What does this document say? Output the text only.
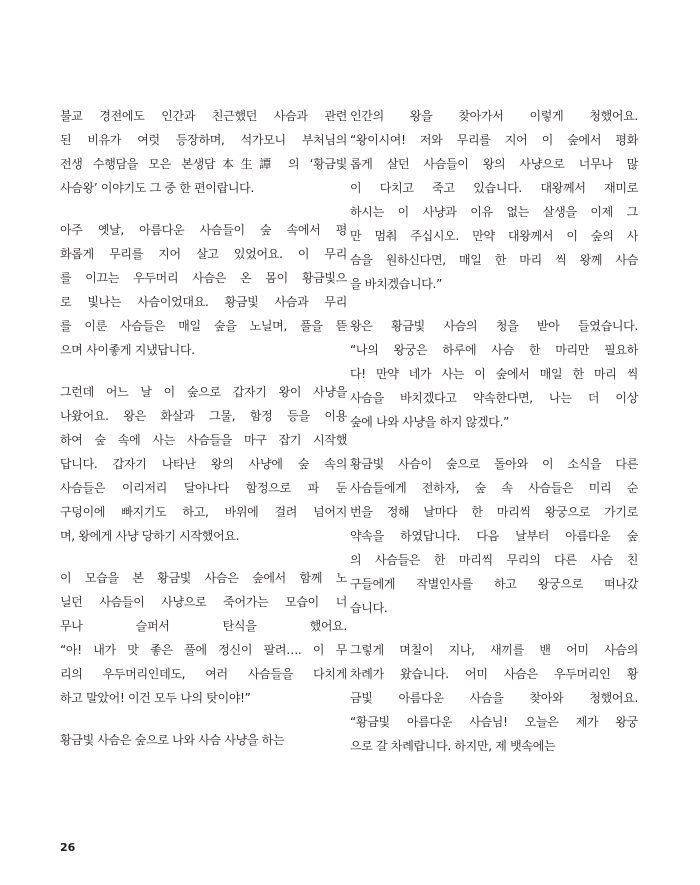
불교 경전에도 인간과 친근했던 사슴과 관련
된 비유가 여럿 등장하며, 석가모니 부처님의
전생 수행담을 모은 본생담本生譚 의 ‘황금빛
사슴왕’ 이야기도 그 중 한 편이랍니다.

아주 옛날, 아름다운 사슴들이 숲 속에서 평
화롭게 무리를 지어 살고 있었어요. 이 무리
를 이끄는 우두머리 사슴은 온 몸이 황금빛으
로 빛나는 사슴이었대요. 황금빛 사슴과 무리
를 이룬 사슴들은 매일 숲을 노닐며, 풀을 뜯
으며 사이좋게 지냈답니다.

그런데 어느 날 이 숲으로 갑자기 왕이 사냥을
나왔어요. 왕은 화살과 그물, 함정 등을 이용
하여 숲 속에 사는 사슴들을 마구 잡기 시작했
답니다. 갑자기 나타난 왕의 사냥에 숲 속의
사슴들은 이리저리 달아나다 함정으로 파 둔
구덩이에 빠지기도 하고, 바위에 걸려 넘어지
며, 왕에게 사냥 당하기 시작했어요.

이 모습을 본 황금빛 사슴은 숲에서 함께 노
닐던 사슴들이 사냥으로 죽어가는 모습이 너
무나 슬퍼서 탄식을 했어요.
“아! 내가 맛 좋은 풀에 정신이 팔려…. 이 무
리의 우두머리인데도, 여러 사슴들을 다치게
하고 말았어! 이건 모두 나의 탓이야!”

황금빛 사슴은 숲으로 나와 사슴 사냥을 하는

인간의 왕을 찾아가서 이렇게 청했어요.
“왕이시여! 저와 무리를 지어 이 숲에서 평화
롭게 살던 사슴들이 왕의 사냥으로 너무나 많
이 다치고 죽고 있습니다. 대왕께서 재미로
하시는 이 사냥과 이유 없는 살생을 이제 그
만 멈춰 주십시오. 만약 대왕께서 이 숲의 사
슴을 원하신다면, 매일 한 마리 씩 왕께 사슴
을 바치겠습니다.”

왕은 황금빛 사슴의 청을 받아 들였습니다.
“나의 왕궁은 하루에 사슴 한 마리만 필요하
다! 만약 네가 사는 이 숲에서 매일 한 마리 씩
사슴을 바치겠다고 약속한다면, 나는 더 이상
숲에 나와 사냥을 하지 않겠다.”

황금빛 사슴이 숲으로 돌아와 이 소식을 다른
사슴들에게 전하자, 숲 속 사슴들은 미리 순
번을 정해 날마다 한 마리씩 왕궁으로 가기로
약속을 하였답니다. 다음 날부터 아름다운 숲
의 사슴들은 한 마리씩 무리의 다른 사슴 친
구들에게 작별인사를 하고 왕궁으로 떠나갔
습니다.

그렇게 며칠이 지나, 새끼를 밴 어미 사슴의
차례가 왔습니다. 어미 사슴은 우두머리인 황
금빛 아름다운 사슴을 찾아와 청했어요.
“황금빛 아름다운 사슴님! 오늘은 제가 왕궁
으로 갈 차례랍니다. 하지만, 제 뱃속에는

26
